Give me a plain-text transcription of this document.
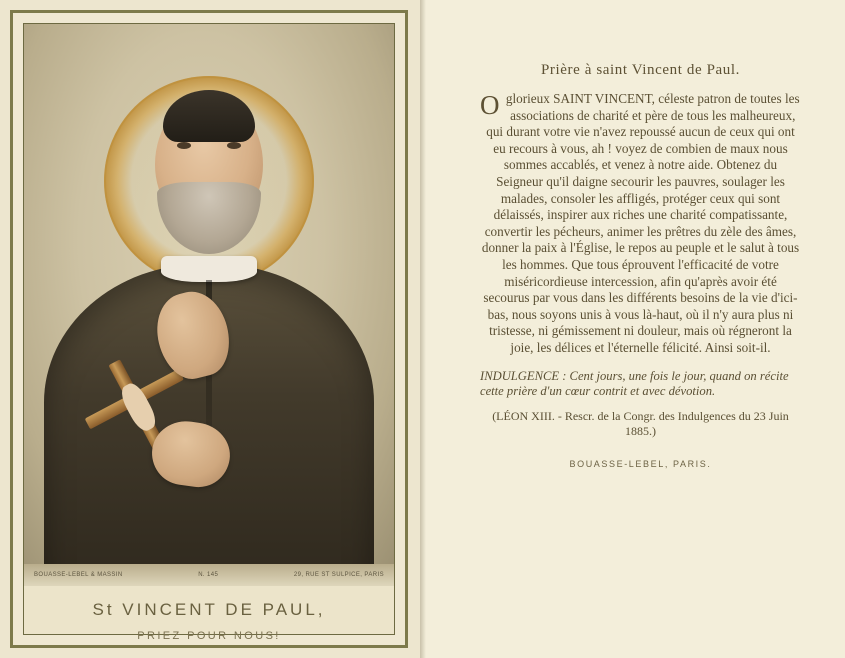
BOUASSE-LEBEL & MASSIN	N. 145	29, RUE ST SULPICE, PARIS
St VINCENT DE PAUL,
PRIEZ POUR NOUS!
Prière à saint Vincent de Paul.
O glorieux SAINT VINCENT, céleste patron de toutes les associations de charité et père de tous les malheureux, qui durant votre vie n'avez repoussé aucun de ceux qui ont eu recours à vous, ah ! voyez de combien de maux nous sommes accablés, et venez à notre aide. Obtenez du Seigneur qu'il daigne secourir les pauvres, soulager les malades, consoler les affligés, protéger ceux qui sont délaissés, inspirer aux riches une charité compatissante, convertir les pécheurs, animer les prêtres du zèle des âmes, donner la paix à l'Église, le repos au peuple et le salut à tous les hommes. Que tous éprouvent l'efficacité de votre miséricordieuse intercession, afin qu'après avoir été secourus par vous dans les différents besoins de la vie d'ici-bas, nous soyons unis à vous là-haut, où il n'y aura plus ni tristesse, ni gémissement ni douleur, mais où régneront la joie, les délices et l'éternelle félicité. Ainsi soit-il.
INDULGENCE : Cent jours, une fois le jour, quand on récite cette prière d'un cœur contrit et avec dévotion.
(LÉON XIII. - Rescr. de la Congr. des Indulgences du 23 Juin 1885.)
BOUASSE-LEBEL, PARIS.
